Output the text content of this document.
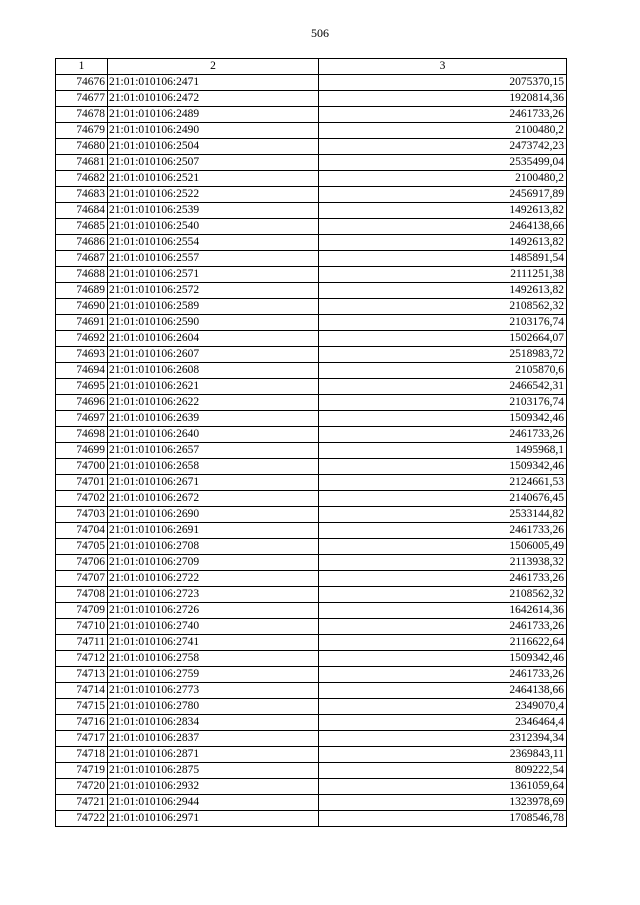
506
1	2	3
74676	21:01:010106:2471	2075370,15
74677	21:01:010106:2472	1920814,36
74678	21:01:010106:2489	2461733,26
74679	21:01:010106:2490	2100480,2
74680	21:01:010106:2504	2473742,23
74681	21:01:010106:2507	2535499,04
74682	21:01:010106:2521	2100480,2
74683	21:01:010106:2522	2456917,89
74684	21:01:010106:2539	1492613,82
74685	21:01:010106:2540	2464138,66
74686	21:01:010106:2554	1492613,82
74687	21:01:010106:2557	1485891,54
74688	21:01:010106:2571	2111251,38
74689	21:01:010106:2572	1492613,82
74690	21:01:010106:2589	2108562,32
74691	21:01:010106:2590	2103176,74
74692	21:01:010106:2604	1502664,07
74693	21:01:010106:2607	2518983,72
74694	21:01:010106:2608	2105870,6
74695	21:01:010106:2621	2466542,31
74696	21:01:010106:2622	2103176,74
74697	21:01:010106:2639	1509342,46
74698	21:01:010106:2640	2461733,26
74699	21:01:010106:2657	1495968,1
74700	21:01:010106:2658	1509342,46
74701	21:01:010106:2671	2124661,53
74702	21:01:010106:2672	2140676,45
74703	21:01:010106:2690	2533144,82
74704	21:01:010106:2691	2461733,26
74705	21:01:010106:2708	1506005,49
74706	21:01:010106:2709	2113938,32
74707	21:01:010106:2722	2461733,26
74708	21:01:010106:2723	2108562,32
74709	21:01:010106:2726	1642614,36
74710	21:01:010106:2740	2461733,26
74711	21:01:010106:2741	2116622,64
74712	21:01:010106:2758	1509342,46
74713	21:01:010106:2759	2461733,26
74714	21:01:010106:2773	2464138,66
74715	21:01:010106:2780	2349070,4
74716	21:01:010106:2834	2346464,4
74717	21:01:010106:2837	2312394,34
74718	21:01:010106:2871	2369843,11
74719	21:01:010106:2875	809222,54
74720	21:01:010106:2932	1361059,64
74721	21:01:010106:2944	1323978,69
74722	21:01:010106:2971	1708546,78
